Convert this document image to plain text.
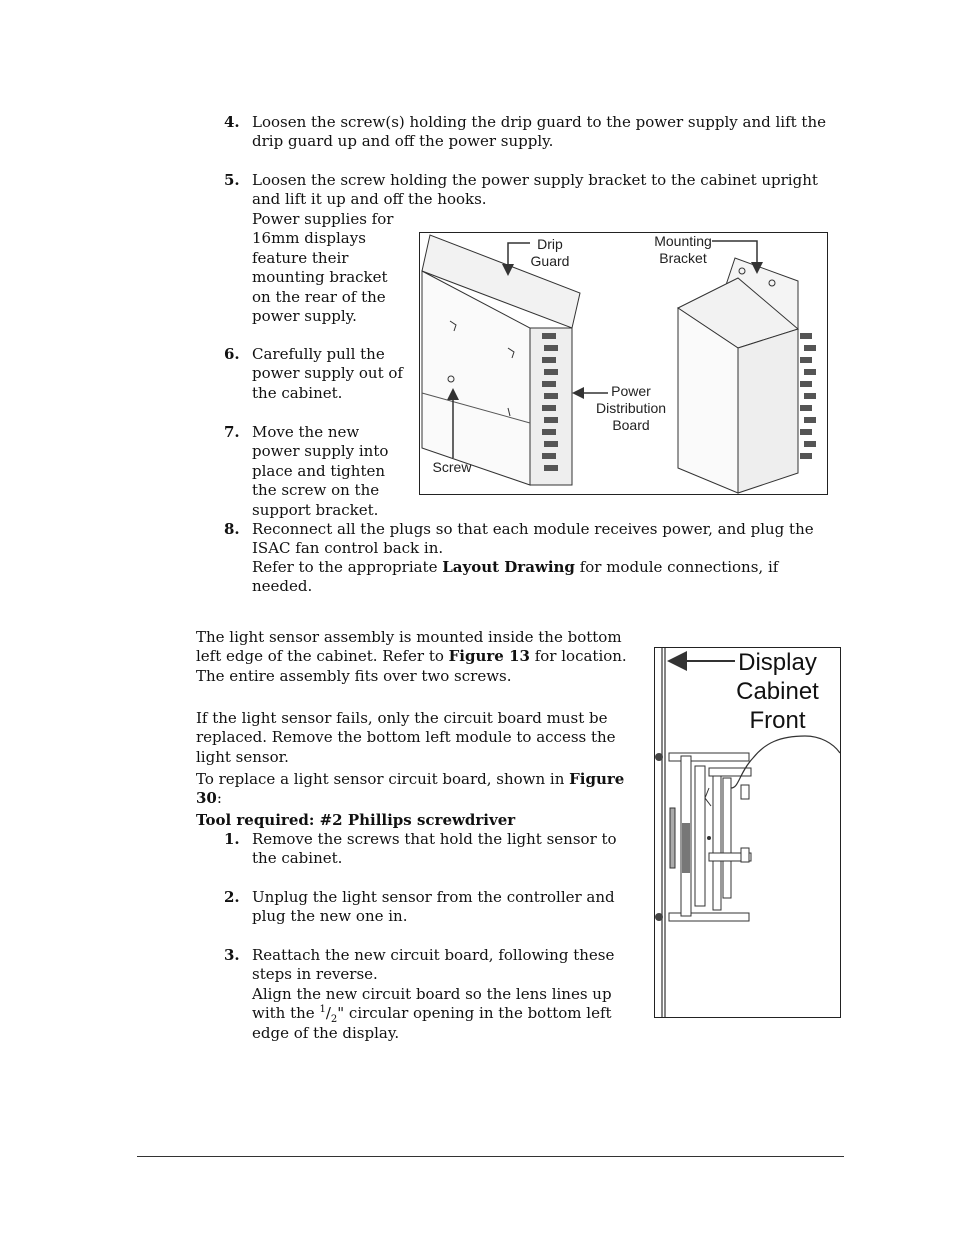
4. Loosen the screw(s) holding the drip guard to the power supply and lift the drip guard up and off the power supply.
5. Loosen the screw holding the power supply bracket to the cabinet upright and lift it up and off the hooks.
Power supplies for 16mm displays feature their mounting bracket on the rear of the power supply.
6. Carefully pull the power supply out of the cabinet.
7. Move the new power supply into place and tighten the screw on the support bracket.
8. Reconnect all the plugs so that each module receives power, and plug the ISAC fan control back in.
Refer to the appropriate Layout Drawing for module connections, if needed.
Drip Guard
Mounting Bracket
Power Distribution Board
Screw
The light sensor assembly is mounted inside the bottom left edge of the cabinet. Refer to Figure 13 for location. The entire assembly fits over two screws.
If the light sensor fails, only the circuit board must be replaced. Remove the bottom left module to access the light sensor.
To replace a light sensor circuit board, shown in Figure 30:
Tool required: #2 Phillips screwdriver
1. Remove the screws that hold the light sensor to the cabinet.
2. Unplug the light sensor from the controller and plug the new one in.
3. Reattach the new circuit board, following these steps in reverse.
Align the new circuit board so the lens lines up with the $^1/_2$" circular opening in the bottom left edge of the display.
Display Cabinet Front
